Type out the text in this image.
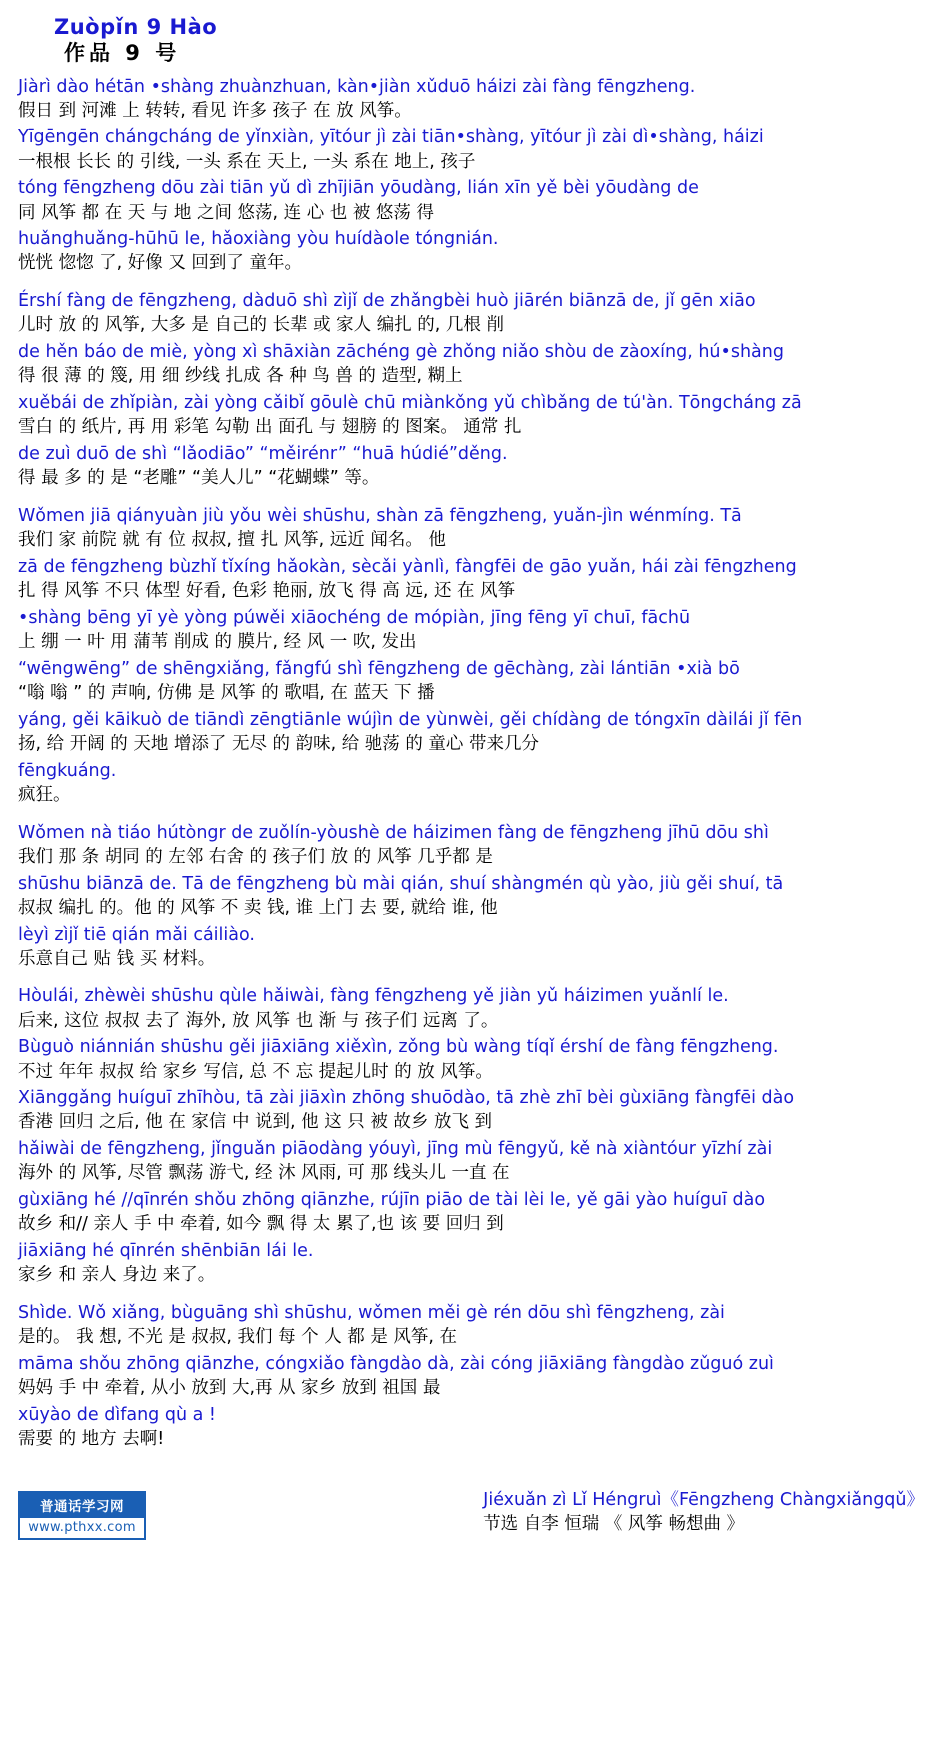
Zuòpǐn 9 Hào
作品 9 号
Jiàrì dào hétān •shàng zhuànzhuan, kàn•jiàn xǔduō háizi zài fàng fēngzheng.
假日 到 河滩 上 转转, 看见 许多 孩子 在 放 风筝。
Yīgēngēn chángcháng de yǐnxiàn, yītóur jì zài tiān•shàng, yītóur jì zài dì•shàng, háizi
一根根 长长 的 引线, 一头 系在 天上, 一头 系在 地上, 孩子
tóng fēngzheng dōu zài tiān yǔ dì zhījiān yōudàng, lián xīn yě bèi yōudàng de
同 风筝 都 在 天 与 地 之间 悠荡, 连 心 也 被 悠荡 得
huǎnghuǎng-hūhū le, hǎoxiàng yòu huídàole tóngnián.
恍恍 惚惚 了, 好像 又 回到了 童年。
Érshí fàng de fēngzheng, dàduō shì zìjǐ de zhǎngbèi huò jiārén biānzā de, jǐ gēn xiāo
儿时 放 的 风筝, 大多 是 自己的 长辈 或 家人 编扎 的, 几根 削
de hěn báo de miè, yòng xì shāxiàn zāchéng gè zhǒng niǎo shòu de zàoxíng, hú•shàng
得 很 薄 的 篾, 用 细 纱线 扎成 各 种 鸟 兽 的 造型, 糊上
xuěbái de zhǐpiàn, zài yòng cǎibǐ gōulè chū miànkǒng yǔ chìbǎng de tú'àn. Tōngcháng zā
雪白 的 纸片, 再 用 彩笔 勾勒 出 面孔 与 翅膀 的 图案。 通常 扎
de zuì duō de shì “lǎodiāo” “měirénr” “huā húdié”děng.
得 最 多 的 是 “老雕” “美人儿” “花蝴蝶” 等。
Wǒmen jiā qiányuàn jiù yǒu wèi shūshu, shàn zā fēngzheng, yuǎn-jìn wénmíng. Tā
我们 家 前院 就 有 位 叔叔, 擅 扎 风筝, 远近 闻名。 他
zā de fēngzheng bùzhǐ tǐxíng hǎokàn, sècǎi yànlì, fàngfēi de gāo yuǎn, hái zài fēngzheng
扎 得 风筝 不只 体型 好看, 色彩 艳丽, 放飞 得 高 远, 还 在 风筝
•shàng bēng yī yè yòng púwěi xiāochéng de mópiàn, jīng fēng yī chuī, fāchū
上 绷 一 叶 用 蒲苇 削成 的 膜片, 经 风 一 吹, 发出
“wēngwēng” de shēngxiǎng, fǎngfú shì fēngzheng de gēchàng, zài lántiān •xià bō
“嗡 嗡 ” 的 声响, 仿佛 是 风筝 的 歌唱, 在 蓝天 下 播
yáng, gěi kāikuò de tiāndì zēngtiānle wújìn de yùnwèi, gěi chídàng de tóngxīn dàilái jǐ fēn
扬, 给 开阔 的 天地 增添了 无尽 的 韵味, 给 驰荡 的 童心 带来几分
fēngkuáng.
疯狂。
Wǒmen nà tiáo hútòngr de zuǒlín-yòushè de háizimen fàng de fēngzheng jīhū dōu shì
我们 那 条 胡同 的 左邻 右舍 的 孩子们 放 的 风筝 几乎都 是
shūshu biānzā de. Tā de fēngzheng bù mài qián, shuí shàngmén qù yào, jiù gěi shuí, tā
叔叔 编扎 的。他 的 风筝 不 卖 钱, 谁 上门 去 要, 就给 谁, 他
lèyì zìjǐ tiē qián mǎi cáiliào.
乐意自己 贴 钱 买 材料。
Hòulái, zhèwèi shūshu qùle hǎiwài, fàng fēngzheng yě jiàn yǔ háizimen yuǎnlí le.
后来, 这位 叔叔 去了 海外, 放 风筝 也 渐 与 孩子们 远离 了。
Bùguò niánnián shūshu gěi jiāxiāng xiěxìn, zǒng bù wàng tíqǐ érshí de fàng fēngzheng.
不过 年年 叔叔 给 家乡 写信, 总 不 忘 提起儿时 的 放 风筝。
Xiānggǎng huíguī zhīhòu, tā zài jiāxìn zhōng shuōdào, tā zhè zhī bèi gùxiāng fàngfēi dào
香港 回归 之后, 他 在 家信 中 说到, 他 这 只 被 故乡 放飞 到
hǎiwài de fēngzheng, jǐnguǎn piāodàng yóuyì, jīng mù fēngyǔ, kě nà xiàntóur yīzhí zài
海外 的 风筝, 尽管 飘荡 游弋, 经 沐 风雨, 可 那 线头儿 一直 在
gùxiāng hé //qīnrén shǒu zhōng qiānzhe, rújīn piāo de tài lèi le, yě gāi yào huíguī dào
故乡 和// 亲人 手 中 牵着, 如今 飘 得 太 累了,也 该 要 回归 到
jiāxiāng hé qīnrén shēnbiān lái le.
家乡 和 亲人 身边 来了。
Shìde. Wǒ xiǎng, bùguāng shì shūshu, wǒmen měi gè rén dōu shì fēngzheng, zài
是的。 我 想, 不光 是 叔叔, 我们 每 个 人 都 是 风筝, 在
māma shǒu zhōng qiānzhe, cóngxiǎo fàngdào dà, zài cóng jiāxiāng fàngdào zǔguó zuì
妈妈 手 中 牵着, 从小 放到 大,再 从 家乡 放到 祖国 最
xūyào de dìfang qù a !
需要 的 地方 去啊!
普通话学习网
www.pthxx.com
Jiéxuǎn zì Lǐ Héngruì《Fēngzheng Chàngxiǎngqǔ》
节选 自李 恒瑞 《 风筝 畅想曲 》
